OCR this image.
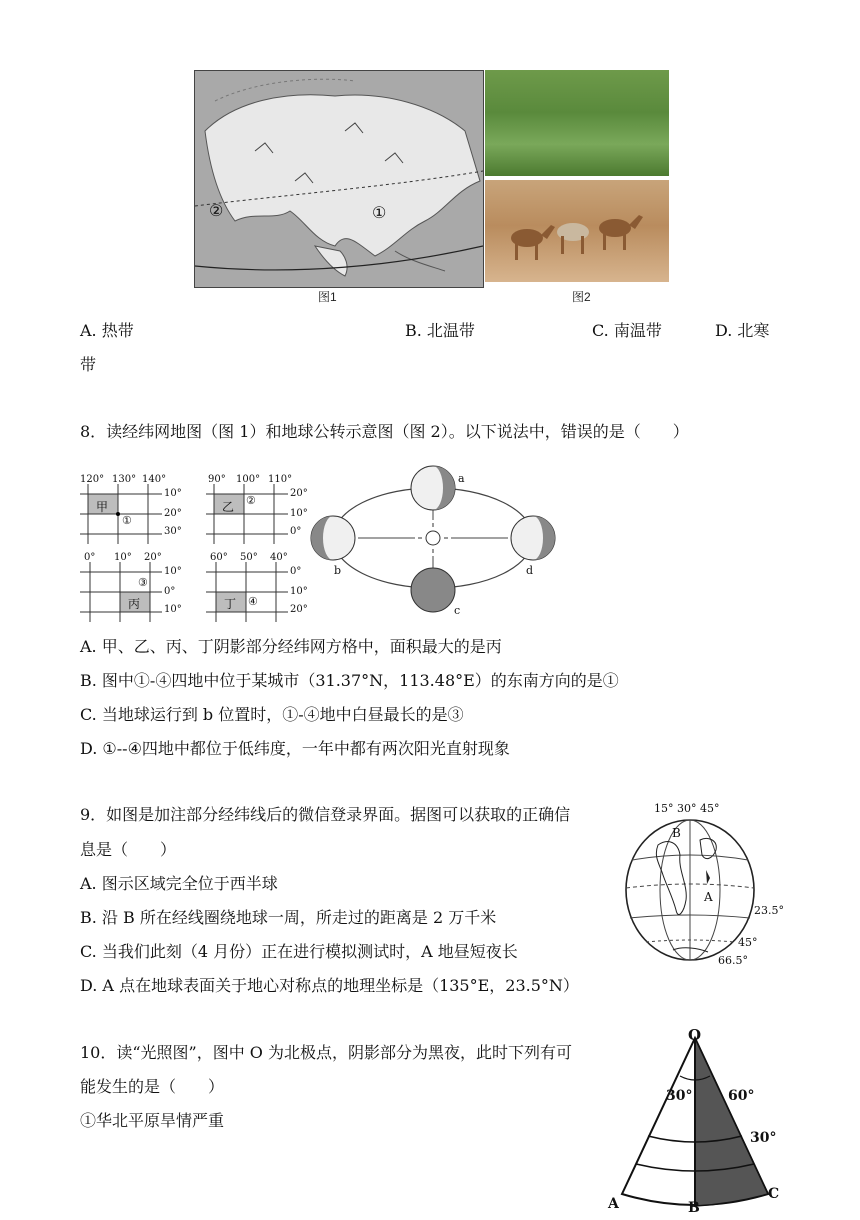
②	①
图1	图2
A. 热带	B. 北温带	C. 南温带	D. 北寒
带
8．读经纬网地图（图 1）和地球公转示意图（图 2）。以下说法中，错误的是（　　）
120° 130° 140°
10°
20°
30°
甲
①
90° 100° 110°
20°
10°
0°
乙 ②
0° 10° 20°
10°
0°
10°
丙
③
60° 50° 40°
0°
10°
20°
丁 ④
a
b
c
d
A. 甲、乙、丙、丁阴影部分经纬网方格中，面积最大的是丙
B. 图中①-④四地中位于某城市（31.37°N，113.48°E）的东南方向的是①
C. 当地球运行到 b 位置时，①-④地中白昼最长的是③
D. ①--④四地中都位于低纬度，一年中都有两次阳光直射现象
9．如图是加注部分经纬线后的微信登录界面。据图可以获取的正确信
息是（　　）
A. 图示区域完全位于西半球
B. 沿 B 所在经线圈绕地球一周，所走过的距离是 2 万千米
C. 当我们此刻（4 月份）正在进行模拟测试时，A 地昼短夜长
D. A 点在地球表面关于地心对称点的地理坐标是（135°E，23.5°N）
15° 30° 45°
B
A
23.5°
45°
66.5°
10．读“光照图”，图中 O 为北极点，阴影部分为黑夜，此时下列有可
能发生的是（　　）
①华北平原旱情严重
O
30°	60°
30°
A	B
C
